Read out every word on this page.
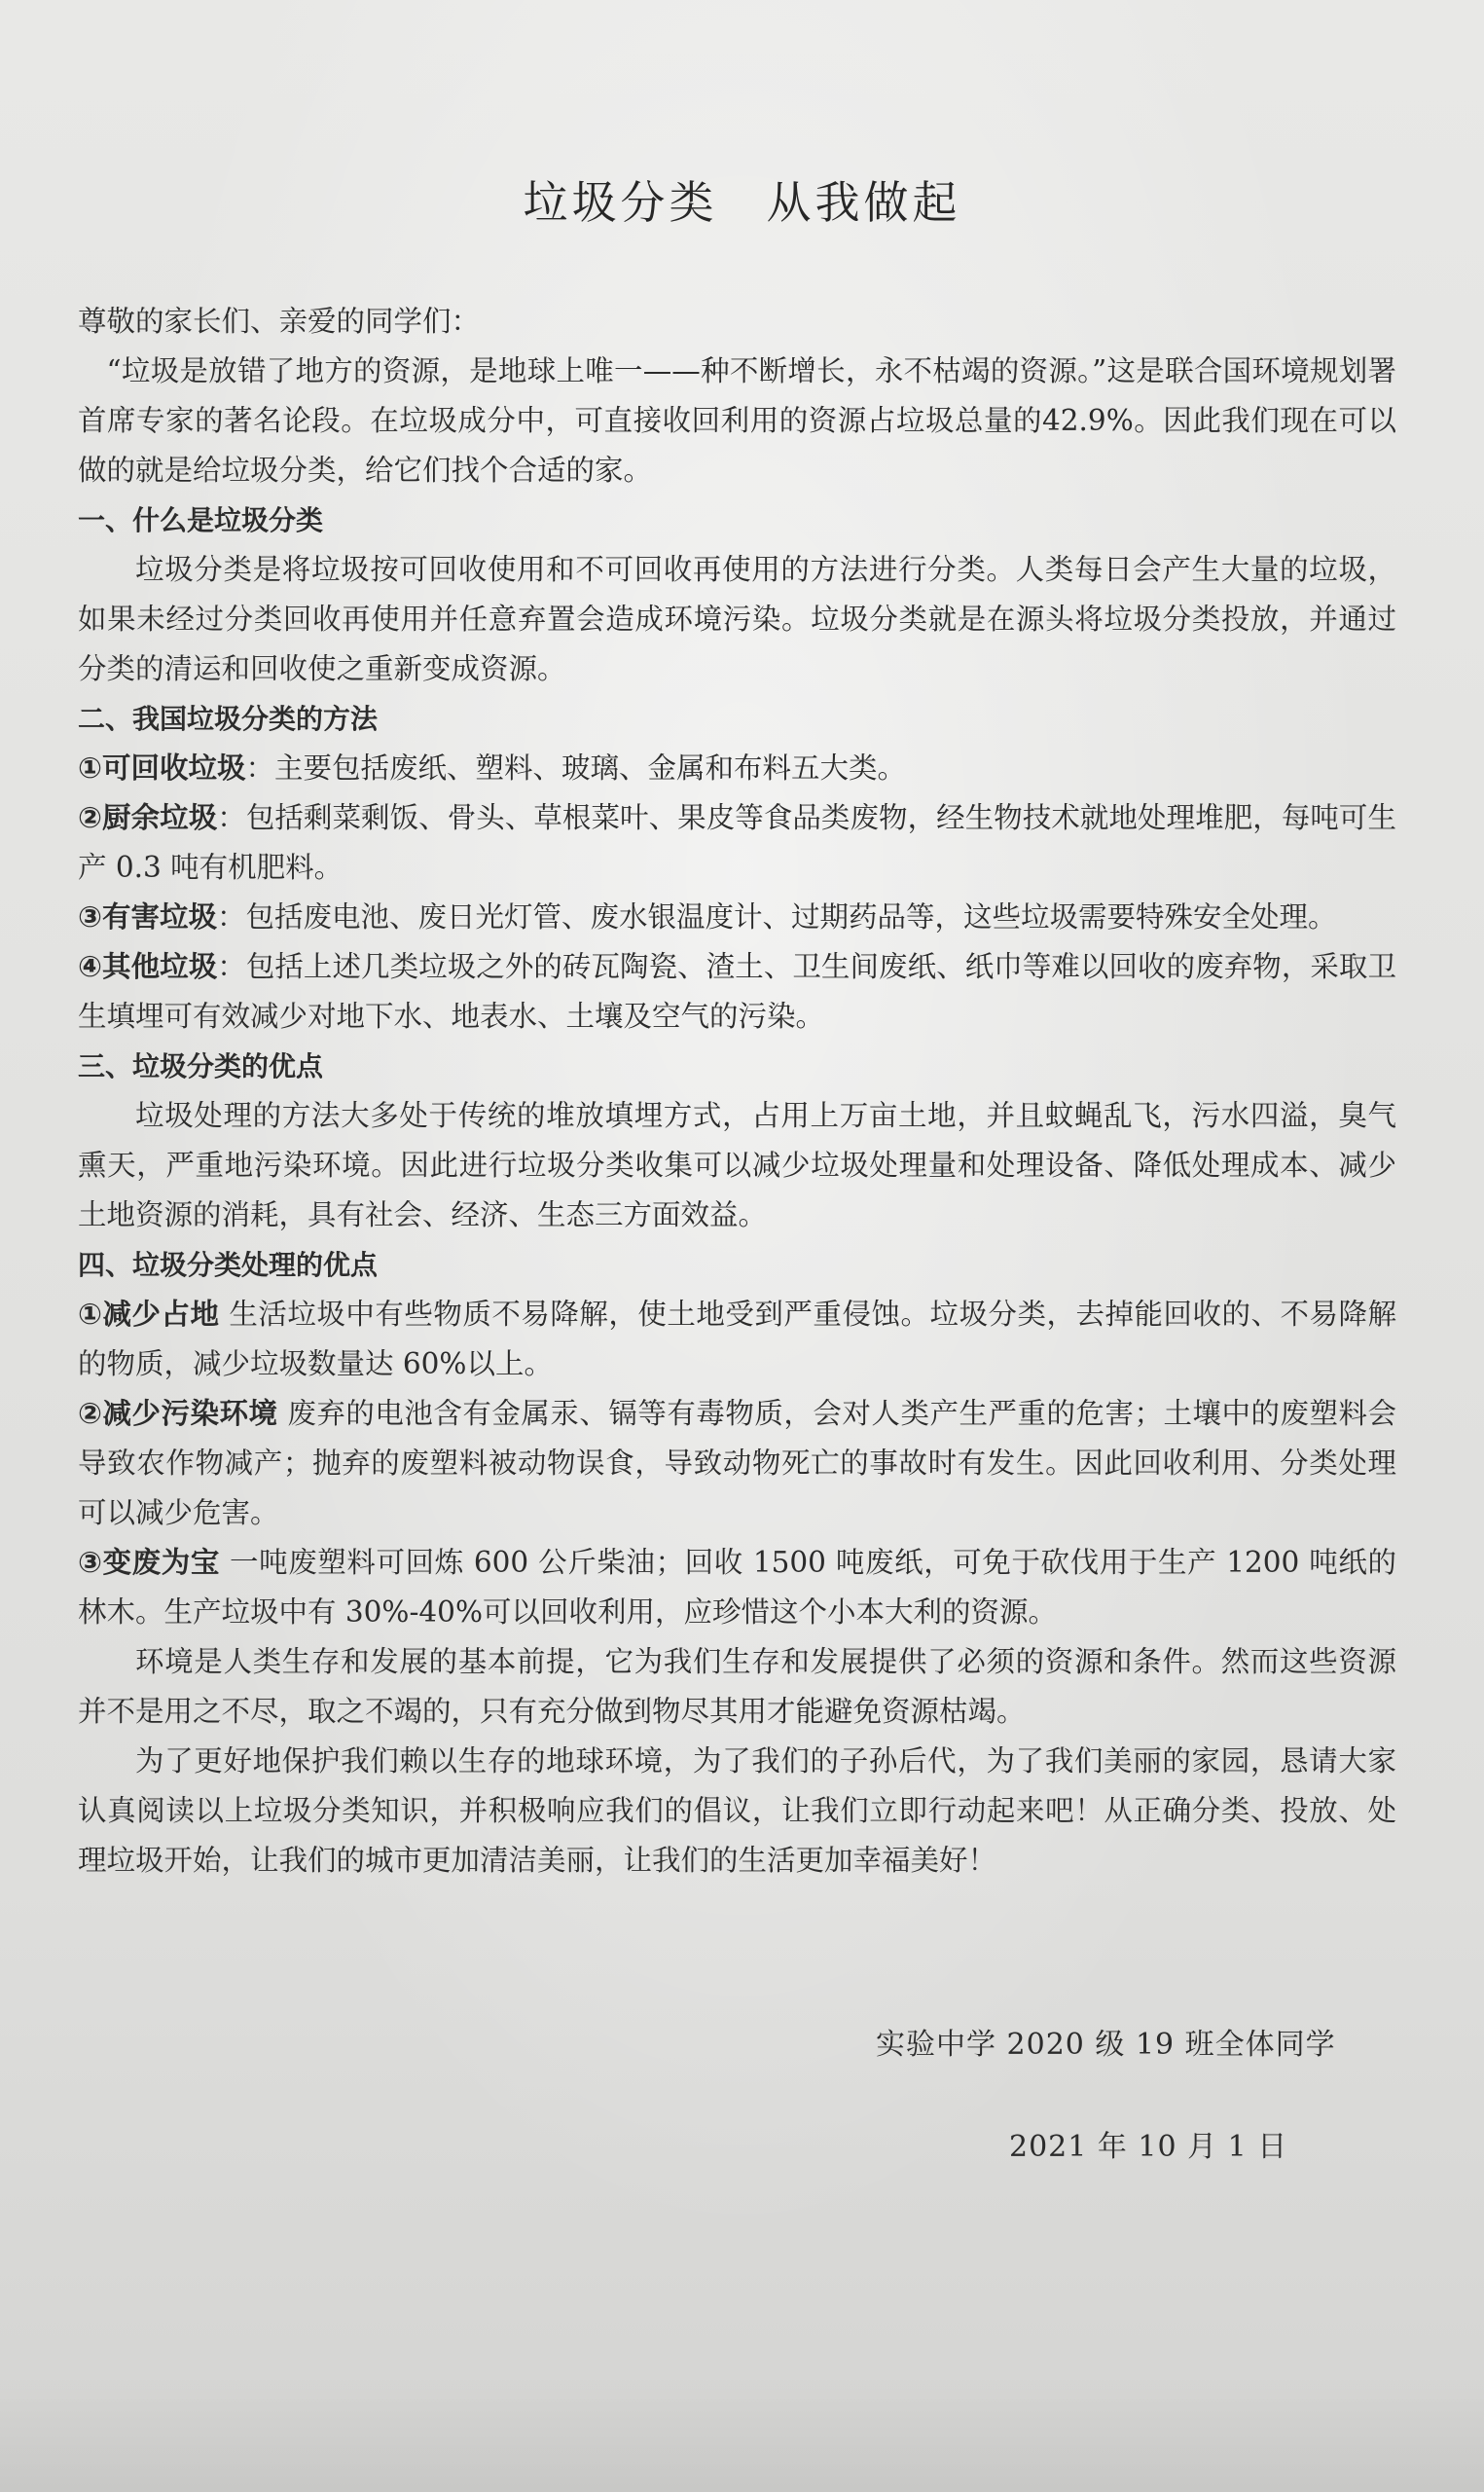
垃圾分类　从我做起
尊敬的家长们、亲爱的同学们：
“垃圾是放错了地方的资源，是地球上唯一——种不断增长，永不枯竭的资源。”这是联合国环境规划署首席专家的著名论段。在垃圾成分中，可直接收回利用的资源占垃圾总量的42.9%。因此我们现在可以做的就是给垃圾分类，给它们找个合适的家。
一、什么是垃圾分类
垃圾分类是将垃圾按可回收使用和不可回收再使用的方法进行分类。人类每日会产生大量的垃圾，如果未经过分类回收再使用并任意弃置会造成环境污染。垃圾分类就是在源头将垃圾分类投放，并通过分类的清运和回收使之重新变成资源。
二、我国垃圾分类的方法
①可回收垃圾：主要包括废纸、塑料、玻璃、金属和布料五大类。
②厨余垃圾：包括剩菜剩饭、骨头、草根菜叶、果皮等食品类废物，经生物技术就地处理堆肥，每吨可生产 0.3 吨有机肥料。
③有害垃圾：包括废电池、废日光灯管、废水银温度计、过期药品等，这些垃圾需要特殊安全处理。
④其他垃圾：包括上述几类垃圾之外的砖瓦陶瓷、渣土、卫生间废纸、纸巾等难以回收的废弃物，采取卫生填埋可有效减少对地下水、地表水、土壤及空气的污染。
三、垃圾分类的优点
垃圾处理的方法大多处于传统的堆放填埋方式，占用上万亩土地，并且蚊蝇乱飞，污水四溢，臭气熏天，严重地污染环境。因此进行垃圾分类收集可以减少垃圾处理量和处理设备、降低处理成本、减少土地资源的消耗，具有社会、经济、生态三方面效益。
四、垃圾分类处理的优点
①减少占地 生活垃圾中有些物质不易降解，使土地受到严重侵蚀。垃圾分类，去掉能回收的、不易降解的物质，减少垃圾数量达 60%以上。
②减少污染环境 废弃的电池含有金属汞、镉等有毒物质，会对人类产生严重的危害；土壤中的废塑料会导致农作物减产；抛弃的废塑料被动物误食，导致动物死亡的事故时有发生。因此回收利用、分类处理可以减少危害。
③变废为宝 一吨废塑料可回炼 600 公斤柴油；回收 1500 吨废纸，可免于砍伐用于生产 1200 吨纸的林木。生产垃圾中有 30%-40%可以回收利用，应珍惜这个小本大利的资源。
环境是人类生存和发展的基本前提，它为我们生存和发展提供了必须的资源和条件。然而这些资源并不是用之不尽，取之不竭的，只有充分做到物尽其用才能避免资源枯竭。
为了更好地保护我们赖以生存的地球环境，为了我们的子孙后代，为了我们美丽的家园，恳请大家认真阅读以上垃圾分类知识，并积极响应我们的倡议，让我们立即行动起来吧！从正确分类、投放、处理垃圾开始，让我们的城市更加清洁美丽，让我们的生活更加幸福美好！
实验中学 2020 级 19 班全体同学
2021 年 10 月 1 日
